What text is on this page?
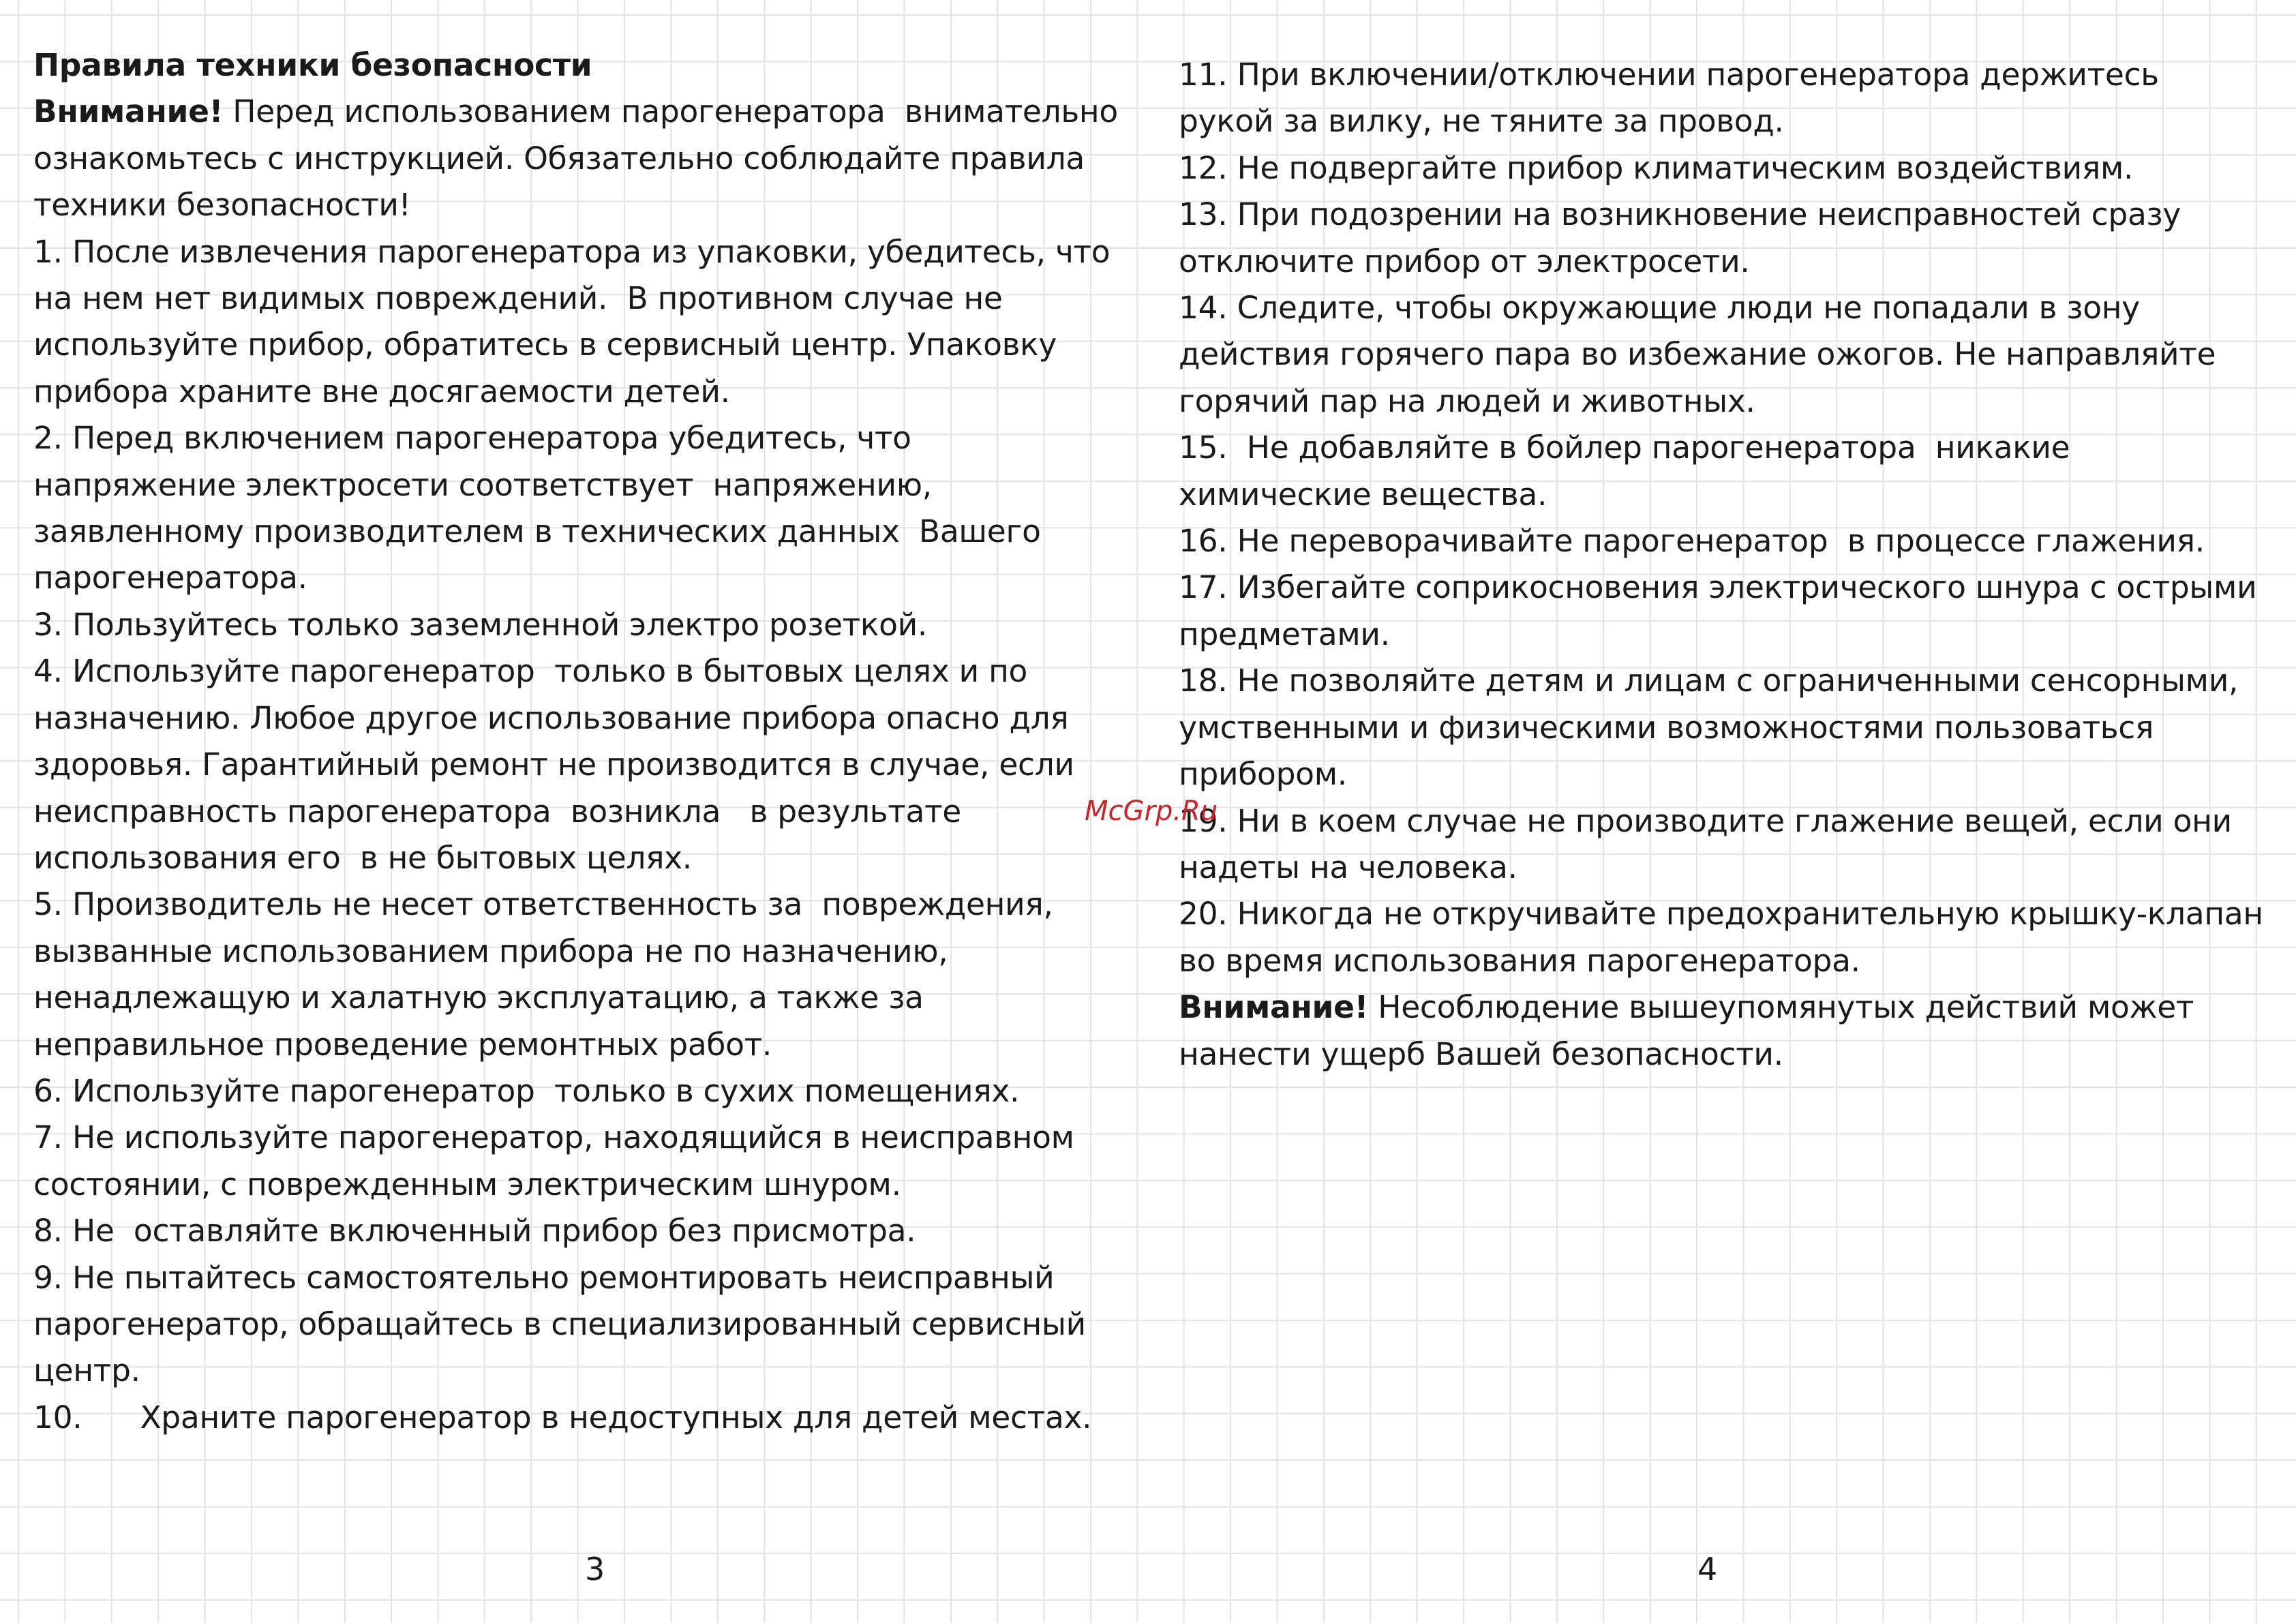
Правила техники безопасности

Внимание! Перед использованием парогенератора  внимательно
ознакомьтесь с инструкцией. Обязательно соблюдайте правила
техники безопасности!

1. После извлечения парогенератора из упаковки, убедитесь, что
на нем нет видимых повреждений.  В противном случае не
используйте прибор, обратитесь в сервисный центр. Упаковку
прибора храните вне досягаемости детей.

2. Перед включением парогенератора убедитесь, что
напряжение электросети соответствует  напряжению,
заявленному производителем в технических данных  Вашего
парогенератора.

3. Пользуйтесь только заземленной электро розеткой.

4. Используйте парогенератор  только в бытовых целях и по
назначению. Любое другое использование прибора опасно для
здоровья. Гарантийный ремонт не производится в случае, если
неисправность парогенератора  возникла   в результате
использования его  в не бытовых целях.

5. Производитель не несет ответственность за  повреждения,
вызванные использованием прибора не по назначению,
ненадлежащую и халатную эксплуатацию, а также за
неправильное проведение ремонтных работ.

6. Используйте парогенератор  только в сухих помещениях.

7. Не используйте парогенератор, находящийся в неисправном
состоянии, с поврежденным электрическим шнуром.

8. Не  оставляйте включенный прибор без присмотра.

9. Не пытайтесь самостоятельно ремонтировать неисправный
парогенератор, обращайтесь в специализированный сервисный
центр.

10.      Храните парогенератор в недоступных для детей местах.

11. При включении/отключении парогенератора держитесь
рукой за вилку, не тяните за провод.

12. Не подвергайте прибор климатическим воздействиям.

13. При подозрении на возникновение неисправностей сразу
отключите прибор от электросети.

14. Следите, чтобы окружающие люди не попадали в зону
действия горячего пара во избежание ожогов. Не направляйте
горячий пар на людей и животных.

15.  Не добавляйте в бойлер парогенератора  никакие
химические вещества.

16. Не переворачивайте парогенератор  в процессе глажения.

17. Избегайте соприкосновения электрического шнура с острыми
предметами.

18. Не позволяйте детям и лицам с ограниченными сенсорными,
умственными и физическими возможностями пользоваться
прибором.

19. Ни в коем случае не производите глажение вещей, если они
надеты на человека.

20. Никогда не откручивайте предохранительную крышку-клапан
во время использования парогенератора.

Внимание! Несоблюдение вышеупомянутых действий может
нанести ущерб Вашей безопасности.

McGrp.Ru
3	4
